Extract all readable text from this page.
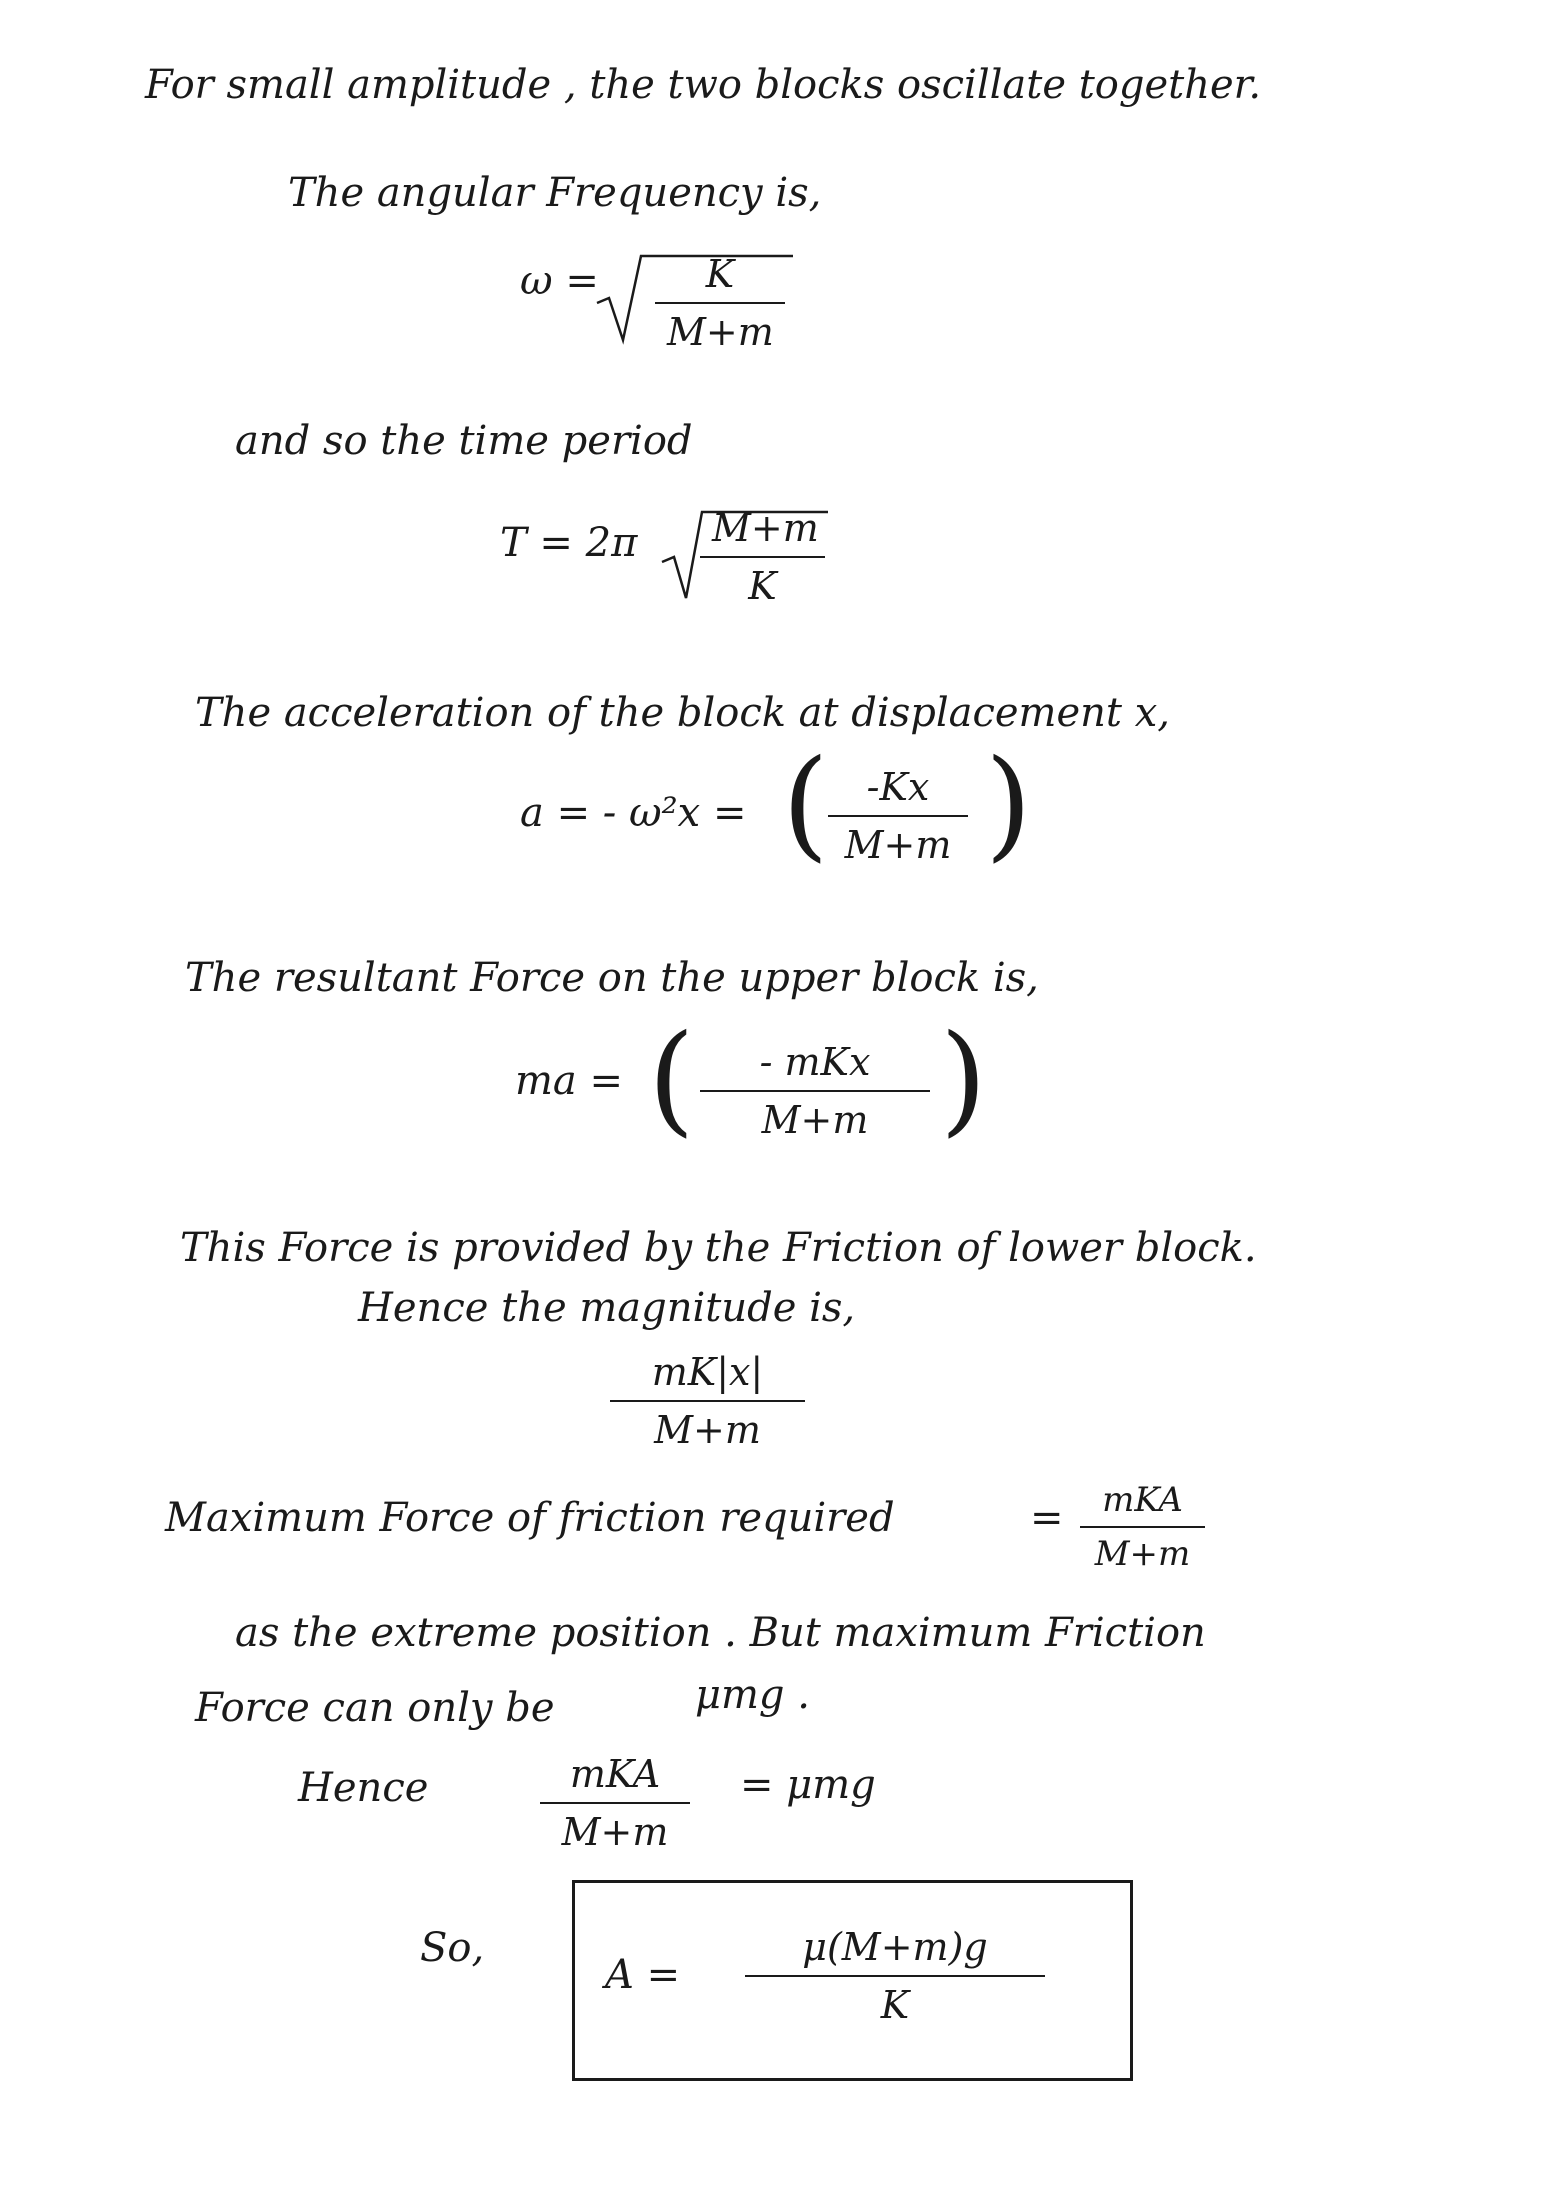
For small amplitude , the two blocks oscillate together.
The angular Frequency is,
ω =	K
M+m
and so the time period
T = 2π	M+m
K
The acceleration of the block at displacement x,
a = - ω²x = ( -Kx
M+m )
The resultant Force on the upper block is,
ma = (	- mKx
M+m )
This Force is provided by the Friction of lower block.
Hence the magnitude is,
mK|x|
M+m
Maximum Force of friction required	=	mKA
M+m
as the extreme position . But maximum Friction
Force can only be	μmg .
Hence	mKA
M+m
= μmg
So,
A =
μ(M+m)g
K
